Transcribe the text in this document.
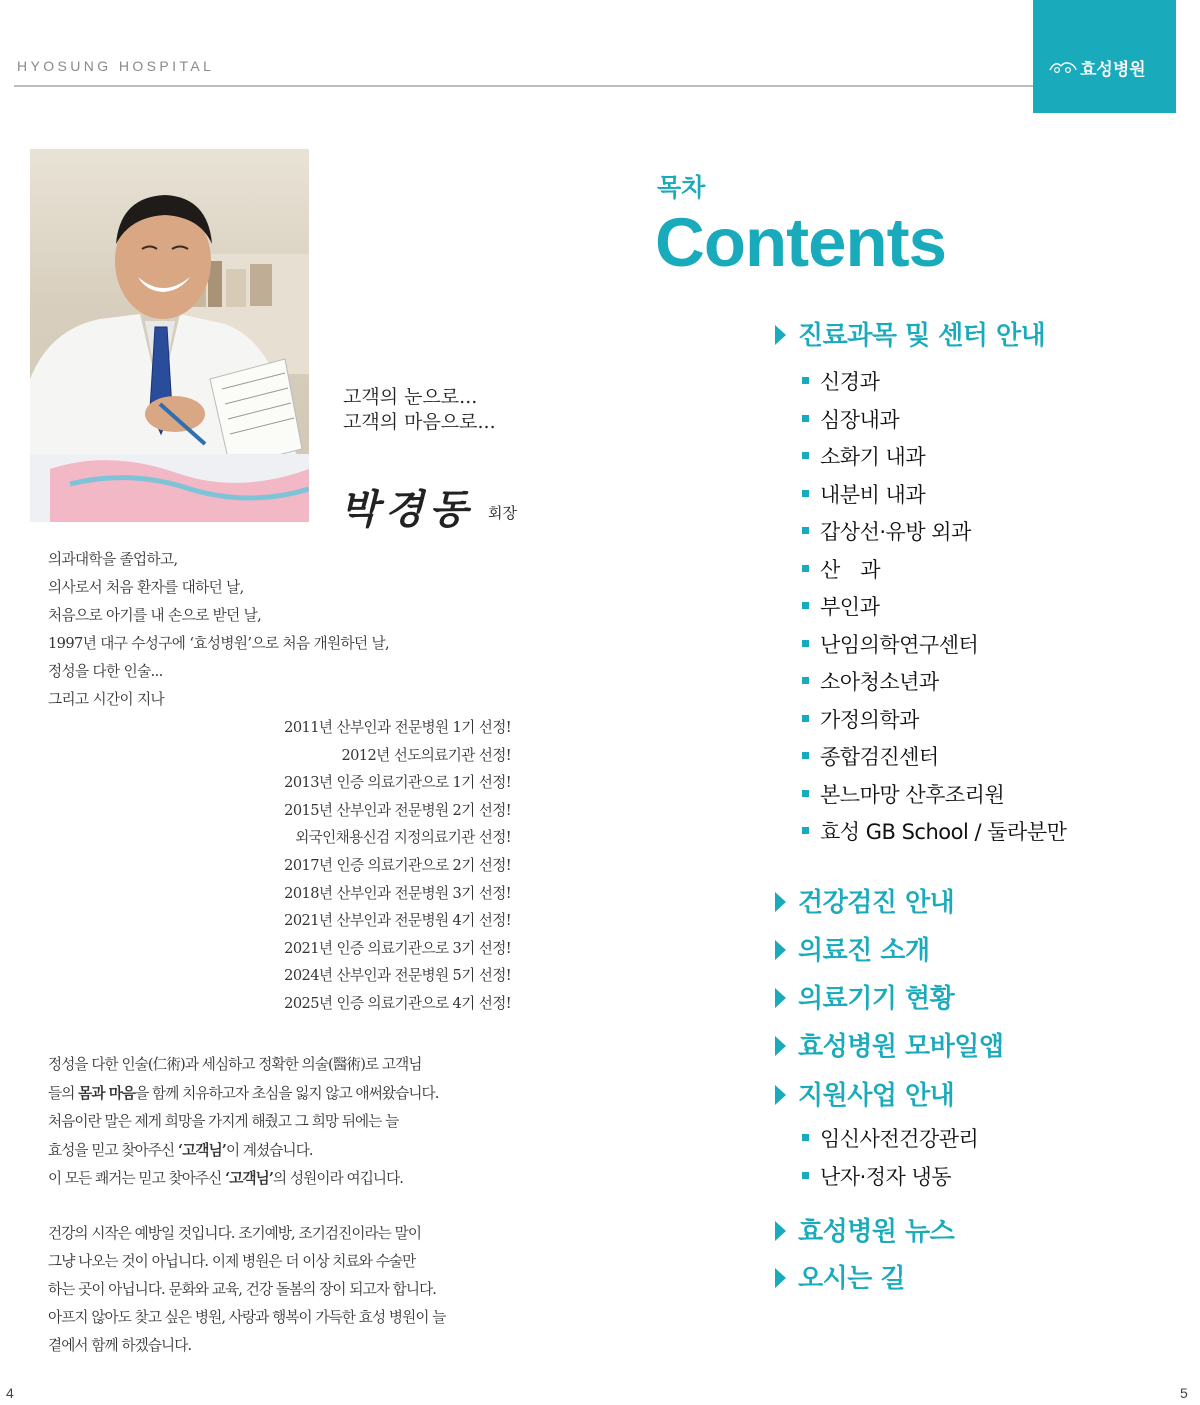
HYOSUNG HOSPITAL	효성병원
고객의 눈으로...
고객의 마음으로...
박경동 회장
의과대학을 졸업하고,
의사로서 처음 환자를 대하던 날,
처음으로 아기를 내 손으로 받던 날,
1997년 대구 수성구에 ‘효성병원’으로 처음 개원하던 날,
정성을 다한 인술...
그리고 시간이 지나
2011년 산부인과 전문병원 1기 선정!
2012년 선도의료기관 선정!
2013년 인증 의료기관으로 1기 선정!
2015년 산부인과 전문병원 2기 선정!
외국인채용신검 지정의료기관 선정!
2017년 인증 의료기관으로 2기 선정!
2018년 산부인과 전문병원 3기 선정!
2021년 산부인과 전문병원 4기 선정!
2021년 인증 의료기관으로 3기 선정!
2024년 산부인과 전문병원 5기 선정!
2025년 인증 의료기관으로 4기 선정!
정성을 다한 인술(仁術)과 세심하고 정확한 의술(醫術)로 고객님
들의 몸과 마음을 함께 치유하고자 초심을 잃지 않고 애써왔습니다.
처음이란 말은 제게 희망을 가지게 해줬고 그 희망 뒤에는 늘
효성을 믿고 찾아주신 ‘고객님’이 계셨습니다.
이 모든 쾌거는 믿고 찾아주신 ‘고객님’의 성원이라 여깁니다.
건강의 시작은 예방일 것입니다. 조기예방, 조기검진이라는 말이
그냥 나오는 것이 아닙니다. 이제 병원은 더 이상 치료와 수술만
하는 곳이 아닙니다. 문화와 교육, 건강 돌봄의 장이 되고자 합니다.
아프지 않아도 찾고 싶은 병원, 사랑과 행복이 가득한 효성 병원이 늘
곁에서 함께 하겠습니다.
목차
Contents
진료과목 및 센터 안내
신경과
심장내과
소화기 내과
내분비 내과
갑상선·유방 외과
산　과
부인과
난임의학연구센터
소아청소년과
가정의학과
종합검진센터
본느마망 산후조리원
효성 GB School / 둘라분만
건강검진 안내
의료진 소개
의료기기 현황
효성병원 모바일앱
지원사업 안내
임신사전건강관리
난자·정자 냉동
효성병원 뉴스
오시는 길
4	5
